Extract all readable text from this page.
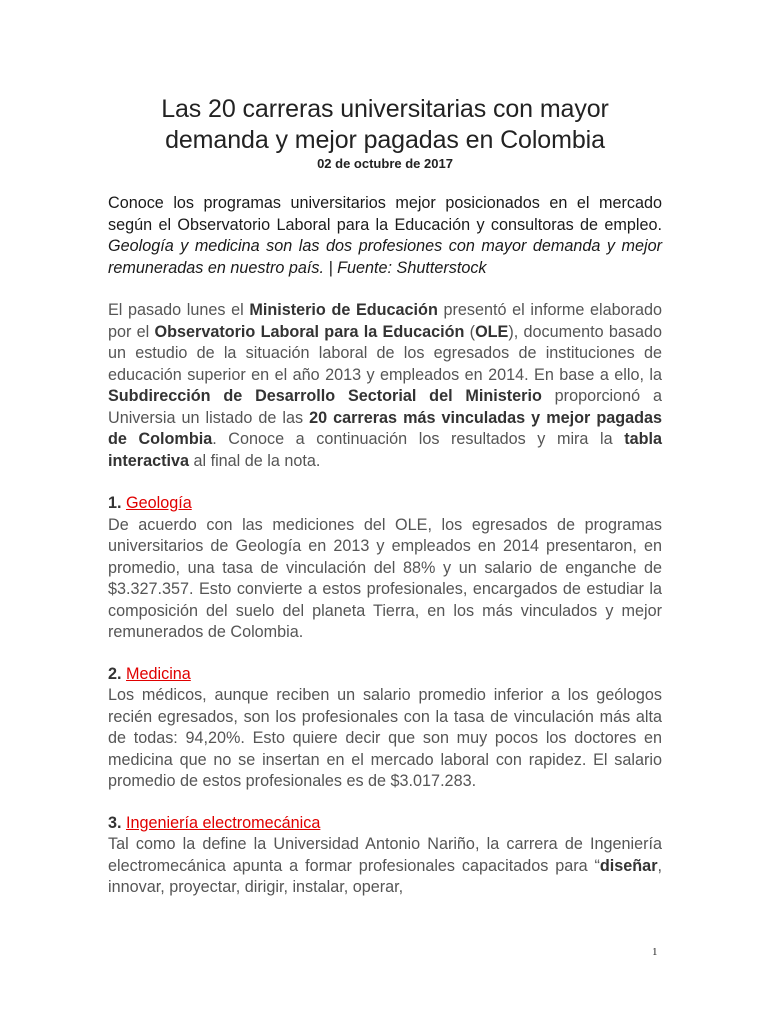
Las 20 carreras universitarias con mayor
demanda y mejor pagadas en Colombia
02 de octubre de 2017

Conoce los programas universitarios mejor posicionados en el mercado según el Observatorio Laboral para la Educación y consultoras de empleo. Geología y medicina son las dos profesiones con mayor demanda y mejor remuneradas en nuestro país. | Fuente: Shutterstock

El pasado lunes el Ministerio de Educación presentó el informe elaborado por el Observatorio Laboral para la Educación (OLE), documento basado un estudio de la situación laboral de los egresados de instituciones de educación superior en el año 2013 y empleados en 2014. En base a ello, la Subdirección de Desarrollo Sectorial del Ministerio proporcionó a Universia un listado de las 20 carreras más vinculadas y mejor pagadas de Colombia. Conoce a continuación los resultados y mira la tabla interactiva al final de la nota.

1. Geología

De acuerdo con las mediciones del OLE, los egresados de programas universitarios de Geología en 2013 y empleados en 2014 presentaron, en promedio, una tasa de vinculación del 88% y un salario de enganche de $3.327.357. Esto convierte a estos profesionales, encargados de estudiar la composición del suelo del planeta Tierra, en los más vinculados y mejor remunerados de Colombia.

2. Medicina

Los médicos, aunque reciben un salario promedio inferior a los geólogos recién egresados, son los profesionales con la tasa de vinculación más alta de todas: 94,20%. Esto quiere decir que son muy pocos los doctores en medicina que no se insertan en el mercado laboral con rapidez. El salario promedio de estos profesionales es de $3.017.283.

3. Ingeniería electromecánica

Tal como la define la Universidad Antonio Nariño, la carrera de Ingeniería electromecánica apunta a formar profesionales capacitados para “diseñar, innovar, proyectar, dirigir, instalar, operar,

1
